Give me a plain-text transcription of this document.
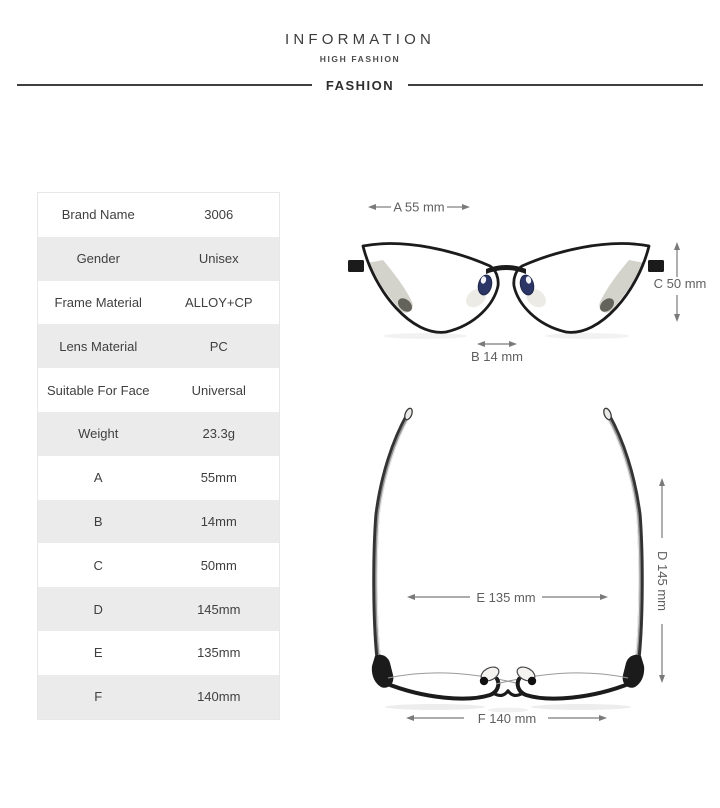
INFORMATION
HIGH FASHION
FASHION
Brand Name	3006
Gender	Unisex
Frame Material	ALLOY+CP
Lens Material	PC
Suitable For Face	Universal
Weight	23.3g
A	55mm
B	14mm
C	50mm
D	145mm
E	135mm
F	140mm
A 55 mm
C 50 mm
B 14 mm
E 135 mm	D 145 mm
F 140 mm
